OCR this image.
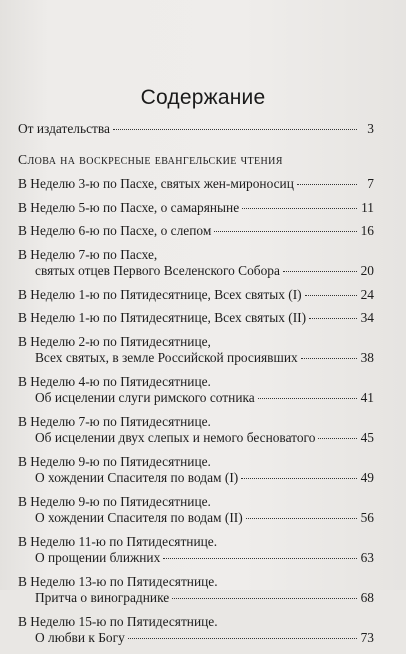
Содержание
От издательства	3
Слова на воскресные евангельские чтения
В Неделю 3-ю по Пасхе, святых жен-мироносиц	7
В Неделю 5-ю по Пасхе, о самаряныне	11
В Неделю 6-ю по Пасхе, о слепом	16
В Неделю 7-ю по Пасхе,
святых отцев Первого Вселенского Собора	20
В Неделю 1-ю по Пятидесятнице, Всех святых (I)	24
В Неделю 1-ю по Пятидесятнице, Всех святых (II)	34
В Неделю 2-ю по Пятидесятнице,
Всех святых, в земле Российской просиявших	38
В Неделю 4-ю по Пятидесятнице.
Об исцелении слуги римского сотника	41
В Неделю 7-ю по Пятидесятнице.
Об исцелении двух слепых и немого бесноватого	45
В Неделю 9-ю по Пятидесятнице.
О хождении Спасителя по водам (I)	49
В Неделю 9-ю по Пятидесятнице.
О хождении Спасителя по водам (II)	56
В Неделю 11-ю по Пятидесятнице.
О прощении ближних	63
В Неделю 13-ю по Пятидесятнице.
Притча о винограднике	68
В Неделю 15-ю по Пятидесятнице.
О любви к Богу	73
